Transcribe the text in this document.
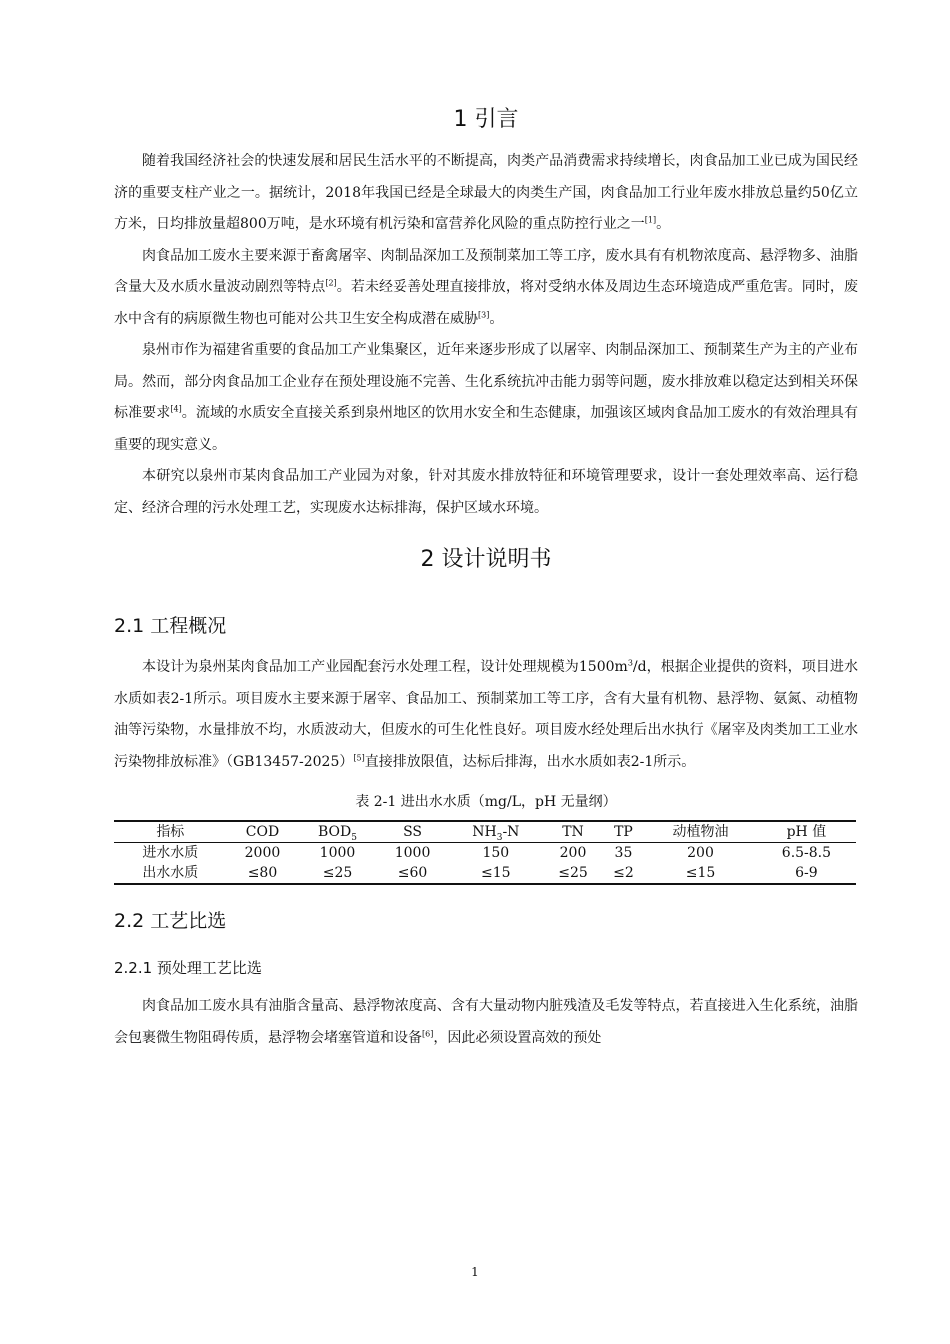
1 引言

随着我国经济社会的快速发展和居民生活水平的不断提高，肉类产品消费需求持续增长，肉食品加工业已成为国民经济的重要支柱产业之一。据统计，2018年我国已经是全球最大的肉类生产国，肉食品加工行业年废水排放总量约50亿立方米，日均排放量超800万吨，是水环境有机污染和富营养化风险的重点防控行业之一[1]。

肉食品加工废水主要来源于畜禽屠宰、肉制品深加工及预制菜加工等工序，废水具有有机物浓度高、悬浮物多、油脂含量大及水质水量波动剧烈等特点[2]。若未经妥善处理直接排放，将对受纳水体及周边生态环境造成严重危害。同时，废水中含有的病原微生物也可能对公共卫生安全构成潜在威胁[3]。

泉州市作为福建省重要的食品加工产业集聚区，近年来逐步形成了以屠宰、肉制品深加工、预制菜生产为主的产业布局。然而，部分肉食品加工企业存在预处理设施不完善、生化系统抗冲击能力弱等问题，废水排放难以稳定达到相关环保标准要求[4]。流域的水质安全直接关系到泉州地区的饮用水安全和生态健康，加强该区域肉食品加工废水的有效治理具有重要的现实意义。

本研究以泉州市某肉食品加工产业园为对象，针对其废水排放特征和环境管理要求，设计一套处理效率高、运行稳定、经济合理的污水处理工艺，实现废水达标排海，保护区域水环境。

2 设计说明书
2.1 工程概况

本设计为泉州某肉食品加工产业园配套污水处理工程，设计处理规模为$1500m^3/d$，根据企业提供的资料，项目进水水质如表2-1所示。项目废水主要来源于屠宰、食品加工、预制菜加工等工序，含有大量有机物、悬浮物、氨氮、动植物油等污染物，水量排放不均，水质波动大，但废水的可生化性良好。项目废水经处理后出水执行《屠宰及肉类加工工业水污染物排放标准》（GB13457-2025）[5]直接排放限值，达标后排海，出水水质如表2-1所示。

表 2-1 进出水水质（mg/L，pH 无量纲）
指标	COD	$BOD_5$	SS	$NH_3-N$	TN	TP	动植物油	pH 值
进水水质	2000	1000	1000	150	200	35	200	6.5-8.5
出水水质	≤80	≤25	≤60	≤15	≤25	≤2	≤15	6-9
2.2 工艺比选
2.2.1 预处理工艺比选

肉食品加工废水具有油脂含量高、悬浮物浓度高、含有大量动物内脏残渣及毛发等特点，若直接进入生化系统，油脂会包裹微生物阻碍传质，悬浮物会堵塞管道和设备[6]，因此必须设置高效的预处

1
